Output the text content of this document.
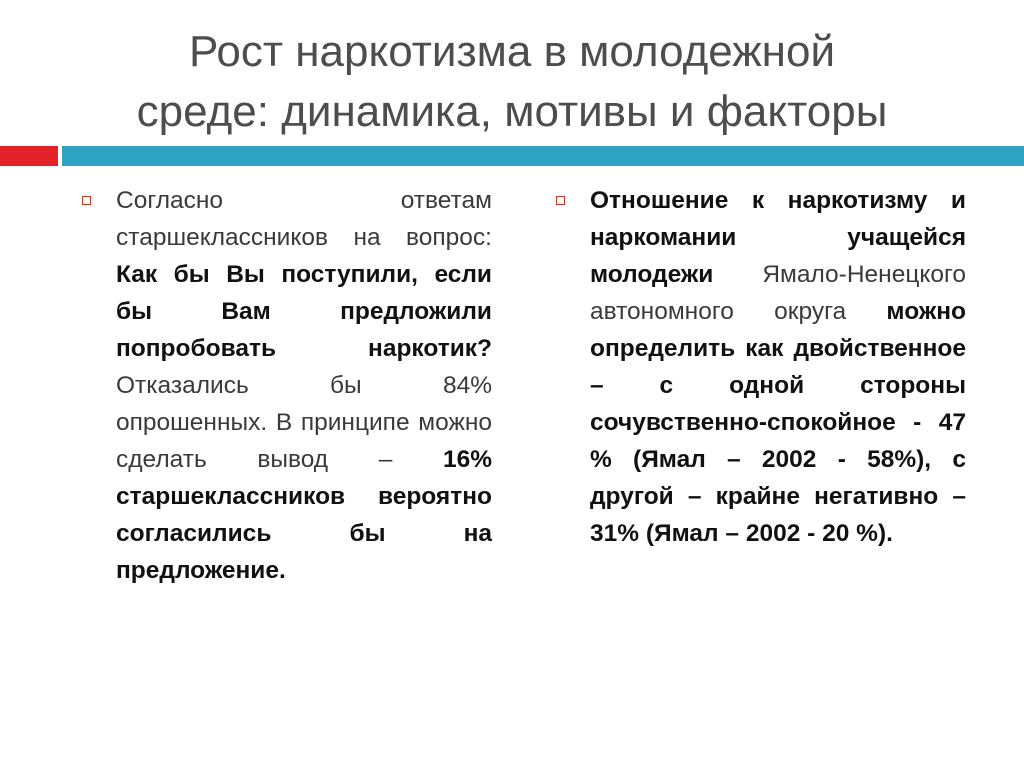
Рост наркотизма в молодежной
среде: динамика, мотивы и факторы
Согласно ответам старшеклассников на вопрос: Как бы Вы поступили, если бы Вам предложили попробовать наркотик? Отказались бы 84% опрошенных. В принципе можно сделать вывод – 16% старшеклассников вероятно согласились бы на предложение.
Отношение к наркотизму и наркомании учащейся молодежи Ямало-Ненецкого автономного округа можно определить как двойственное – с одной стороны сочувственно-спокойное - 47 % (Ямал – 2002 - 58%), с другой – крайне негативно – 31% (Ямал – 2002 - 20 %).
